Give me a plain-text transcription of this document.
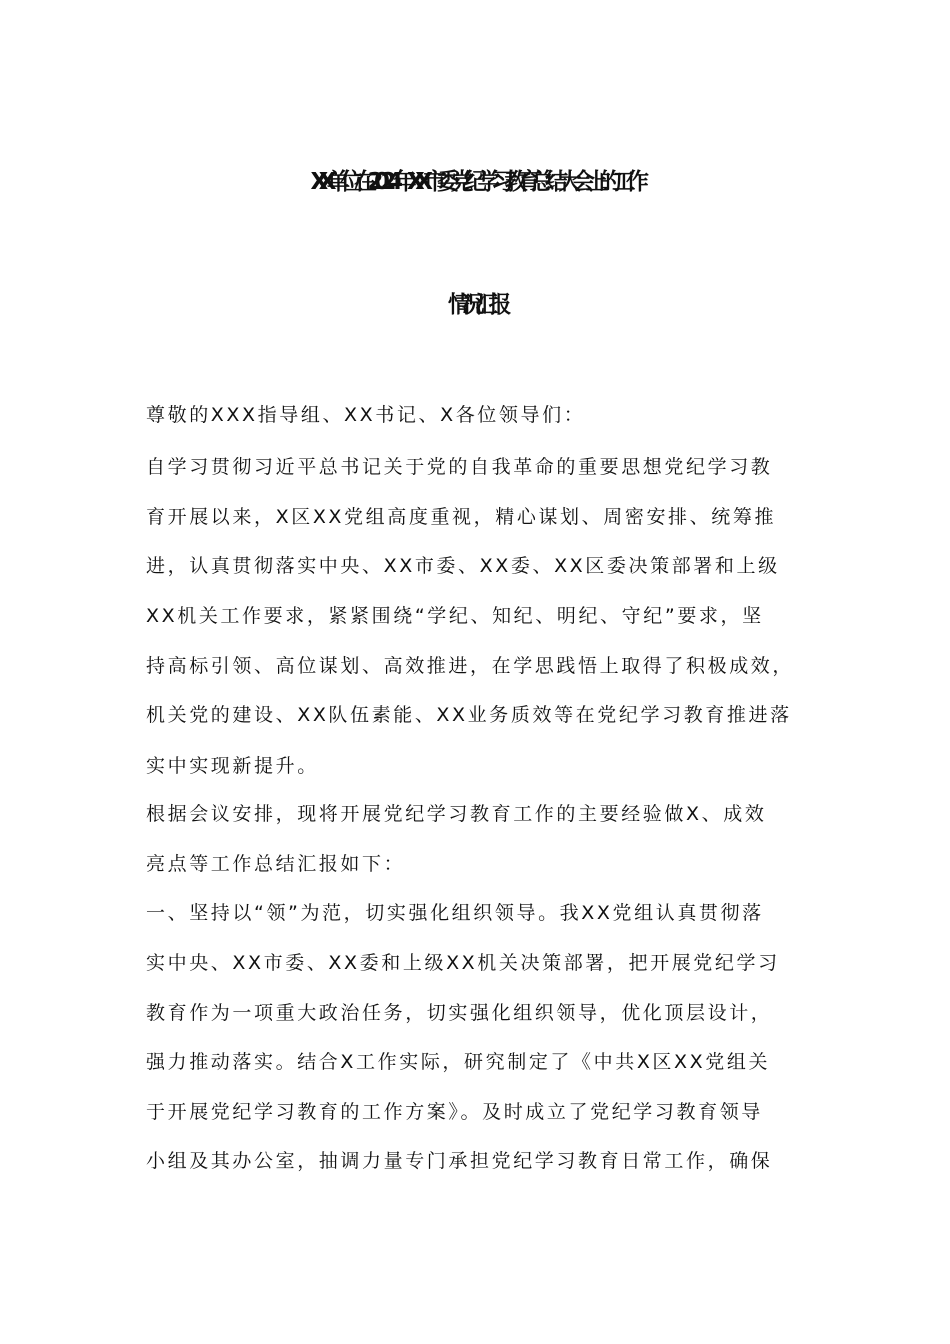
XX单位在2024年XX市委党纪学习教育总结大会上的工作
情况汇报
尊敬的XXX指导组、XX书记、X各位领导们：
自学习贯彻习近平总书记关于党的自我革命的重要思想党纪学习教
育开展以来，X区XX党组高度重视，精心谋划、周密安排、统筹推
进，认真贯彻落实中央、XX市委、XX委、XX区委决策部署和上级
XX机关工作要求，紧紧围绕“学纪、知纪、明纪、守纪”要求，坚
持高标引领、高位谋划、高效推进，在学思践悟上取得了积极成效，
机关党的建设、XX队伍素能、XX业务质效等在党纪学习教育推进落
实中实现新提升。
根据会议安排，现将开展党纪学习教育工作的主要经验做X、成效
亮点等工作总结汇报如下：
一、坚持以“领”为范，切实强化组织领导。我XX党组认真贯彻落
实中央、XX市委、XX委和上级XX机关决策部署，把开展党纪学习
教育作为一项重大政治任务，切实强化组织领导，优化顶层设计，
强力推动落实。结合X工作实际，研究制定了《中共X区XX党组关
于开展党纪学习教育的工作方案》。及时成立了党纪学习教育领导
小组及其办公室，抽调力量专门承担党纪学习教育日常工作，确保
